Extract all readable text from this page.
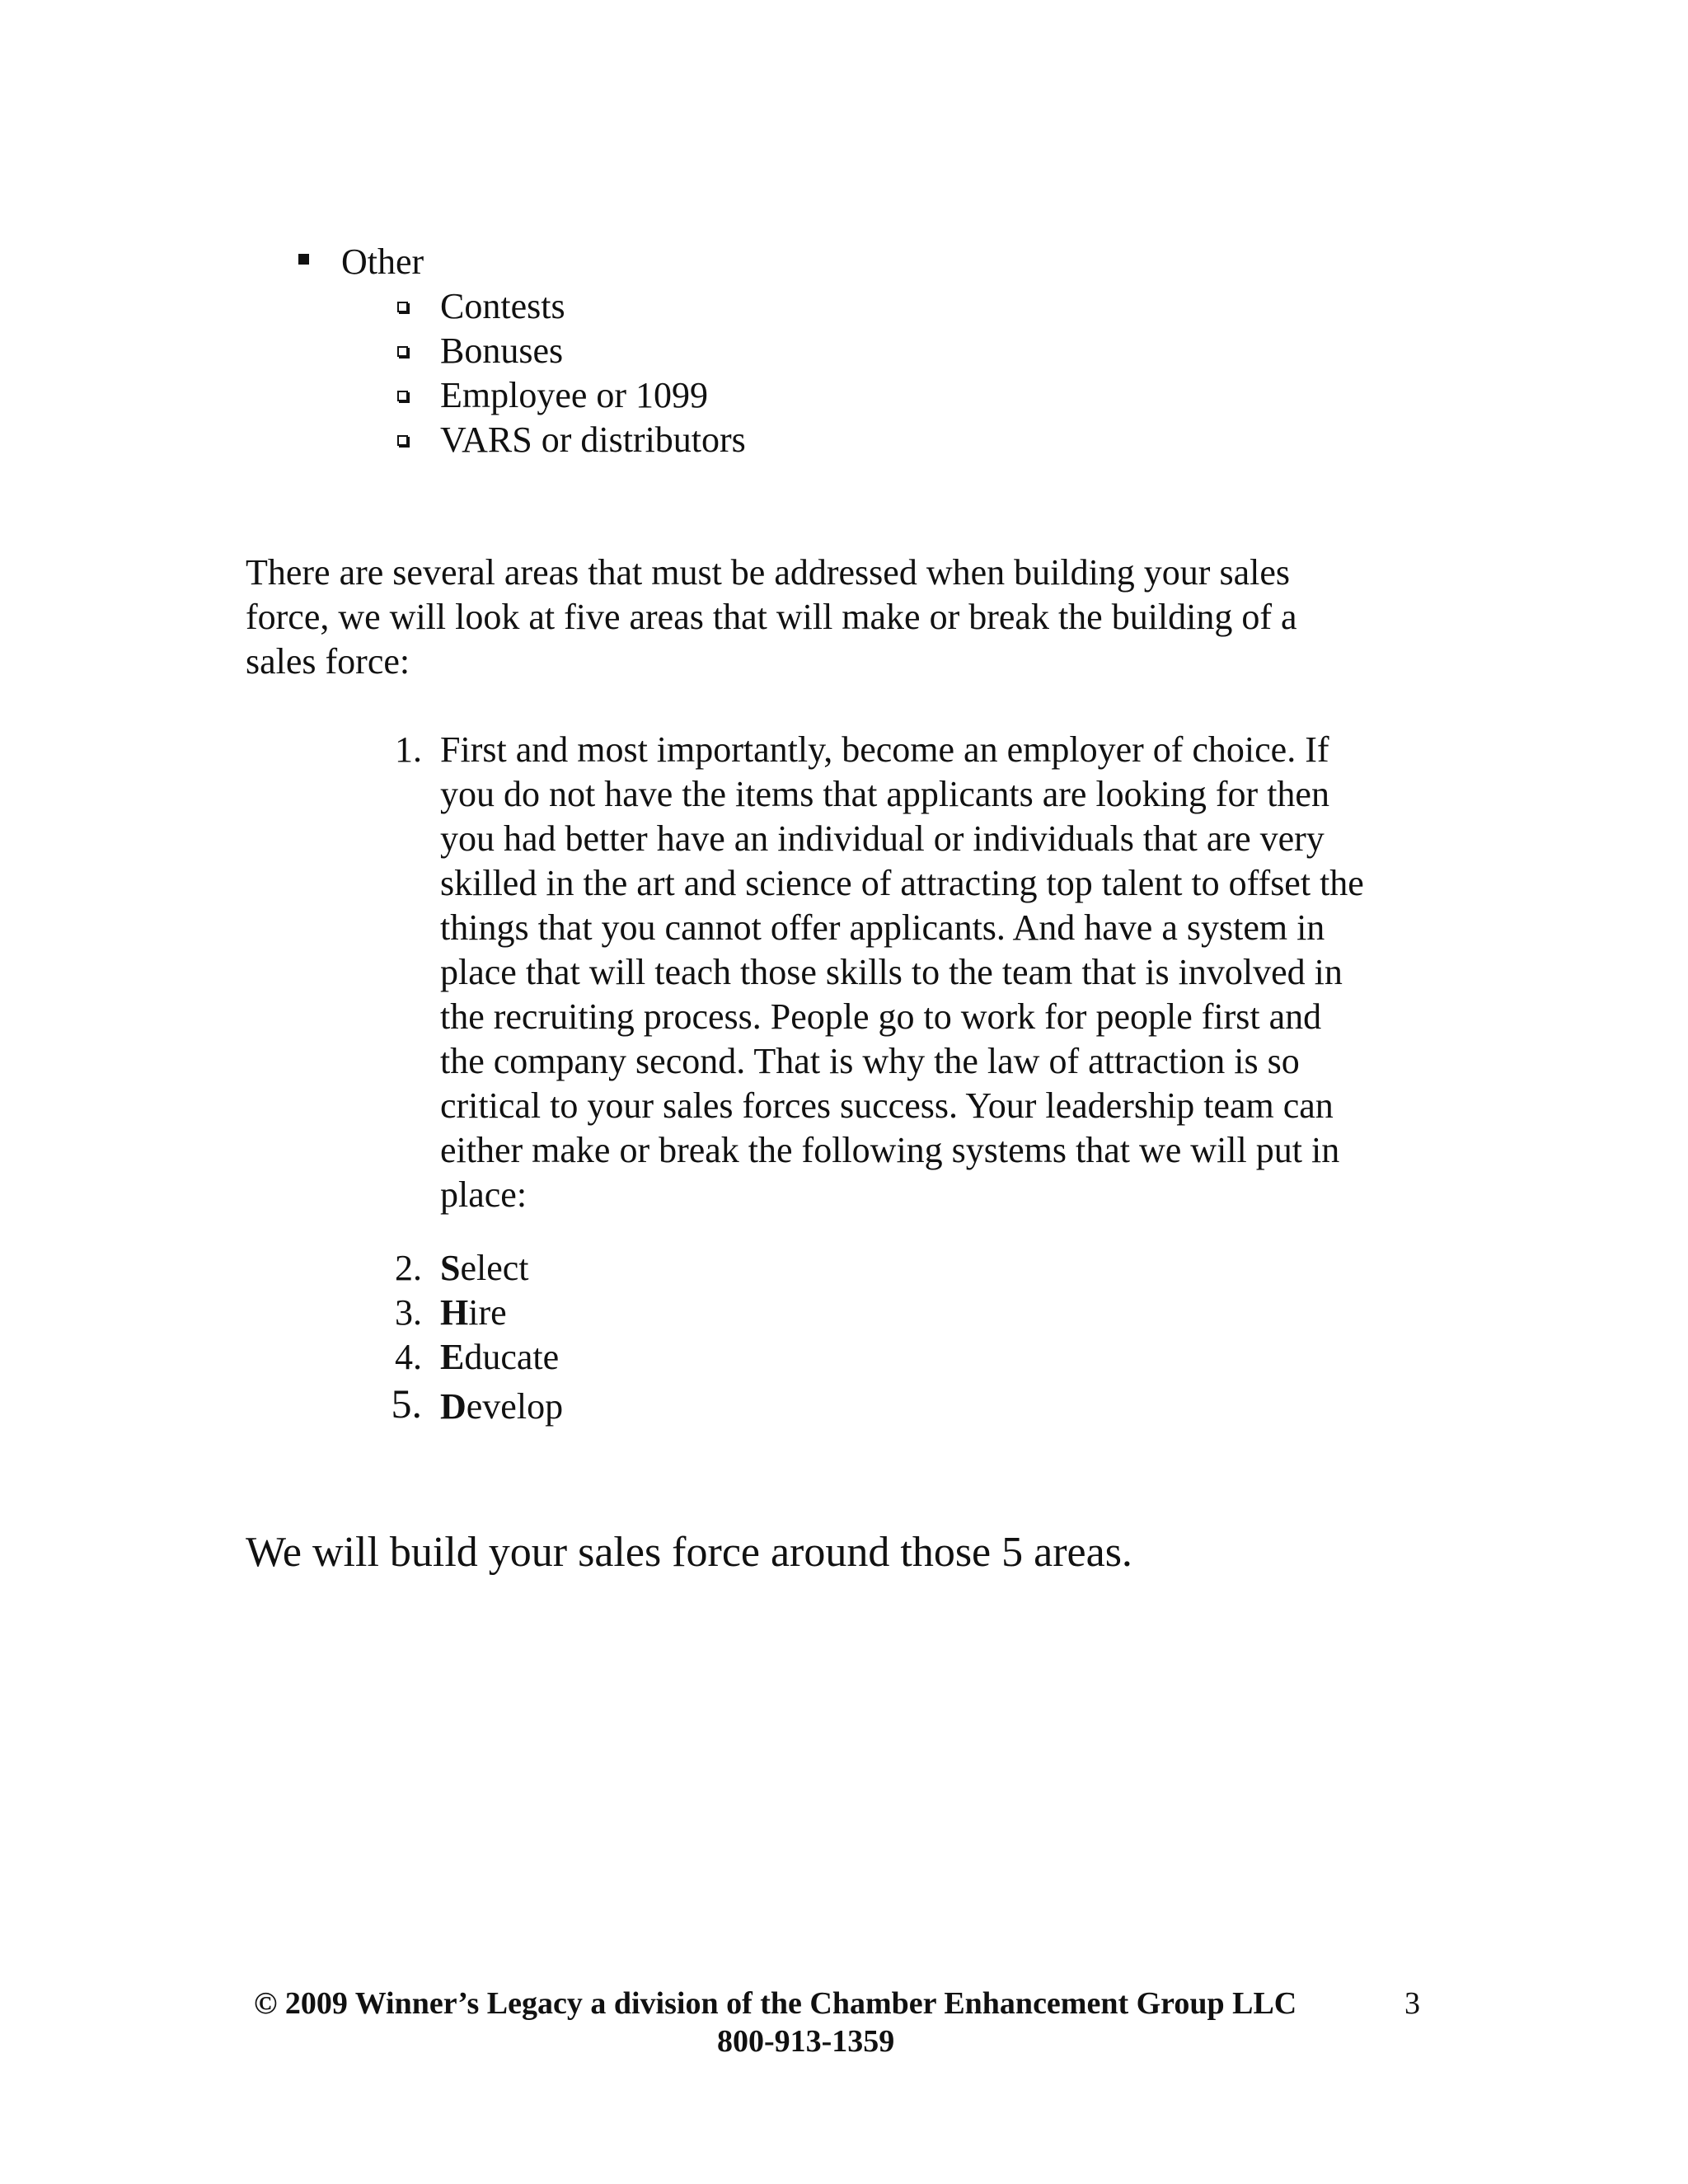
Other
Contests
Bonuses
Employee or 1099
VARS or distributors
There are several areas that must be addressed when building your sales
force, we will look at five areas that will make or break the building of a
sales force:
1. First and most importantly, become an employer of choice. If
you do not have the items that applicants are looking for then
you had better have an individual or individuals that are very
skilled in the art and science of attracting top talent to offset the
things that you cannot offer applicants. And have a system in
place that will teach those skills to the team that is involved in
the recruiting process. People go to work for people first and
the company second. That is why the law of attraction is so
critical to your sales forces success. Your leadership team can
either make or break the following systems that we will put in
place:
2. Select
3. Hire
4. Educate
5. Develop
We will build your sales force around those 5 areas.
© 2009 Winner’s Legacy a division of the Chamber Enhancement Group LLC	3
800-913-1359
